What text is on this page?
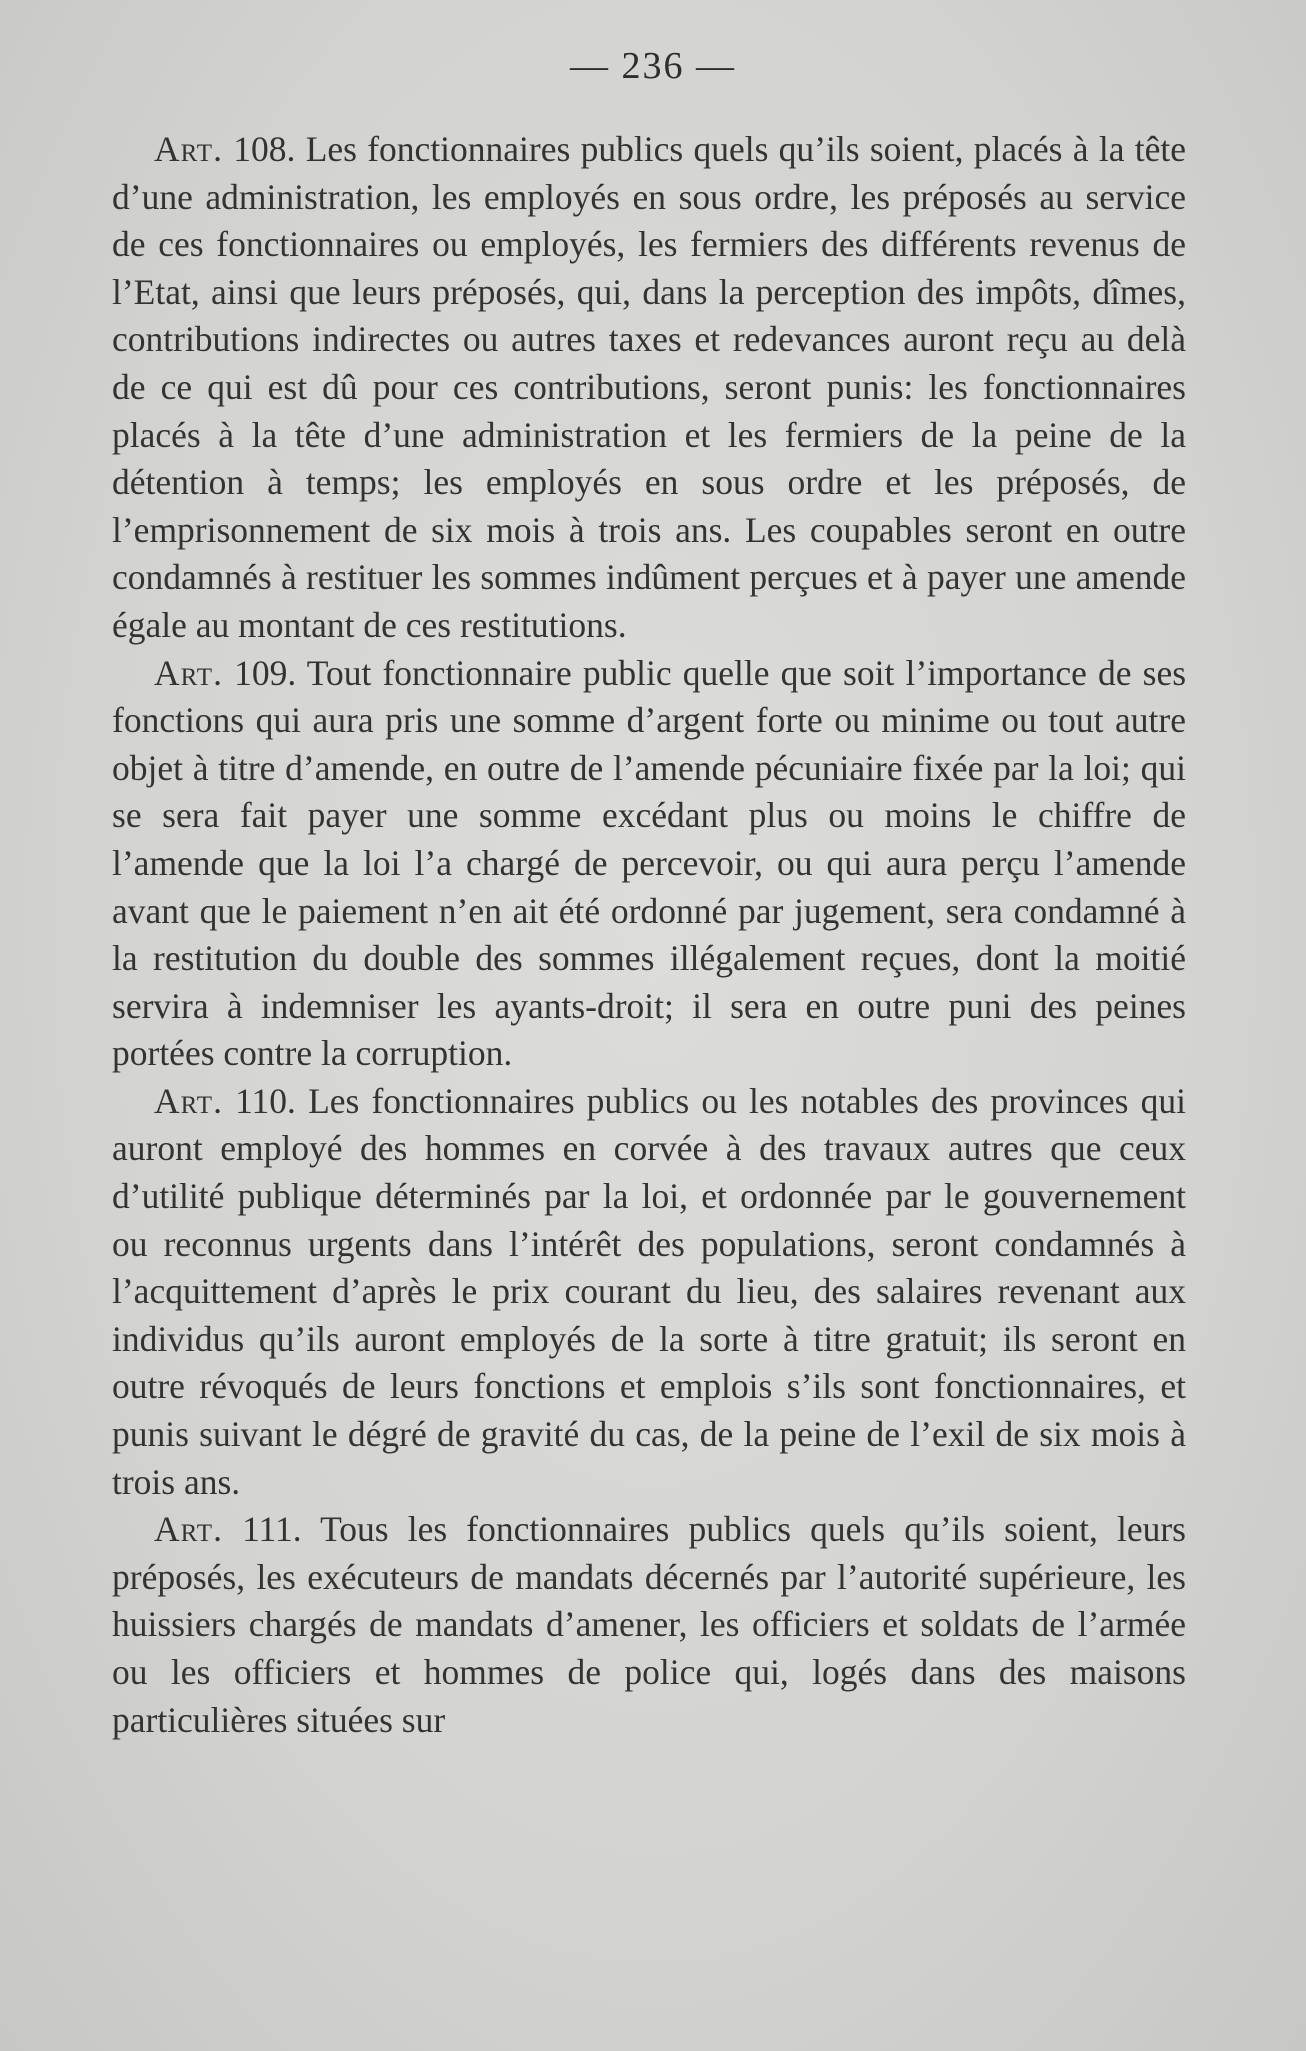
— 236 —

Art. 108. Les fonctionnaires publics quels qu’ils soient, placés à la tête d’une administration, les employés en sous ordre, les préposés au service de ces fonctionnaires ou employés, les fermiers des différents revenus de l’Etat, ainsi que leurs préposés, qui, dans la perception des impôts, dîmes, contributions indirectes ou autres taxes et redevances auront reçu au delà de ce qui est dû pour ces contributions, seront punis: les fonctionnaires placés à la tête d’une administration et les fermiers de la peine de la détention à temps; les employés en sous ordre et les préposés, de l’emprisonnement de six mois à trois ans. Les coupables seront en outre condamnés à restituer les sommes indûment perçues et à payer une amende égale au montant de ces restitutions.

Art. 109. Tout fonctionnaire public quelle que soit l’importance de ses fonctions qui aura pris une somme d’argent forte ou minime ou tout autre objet à titre d’amende, en outre de l’amende pécuniaire fixée par la loi; qui se sera fait payer une somme excédant plus ou moins le chiffre de l’amende que la loi l’a chargé de percevoir, ou qui aura perçu l’amende avant que le paiement n’en ait été ordonné par jugement, sera condamné à la restitution du double des sommes illégalement reçues, dont la moitié servira à indemniser les ayants-droit; il sera en outre puni des peines portées contre la corruption.

Art. 110. Les fonctionnaires publics ou les notables des provinces qui auront employé des hommes en corvée à des travaux autres que ceux d’utilité publique déterminés par la loi, et ordonnée par le gouvernement ou reconnus urgents dans l’intérêt des populations, seront condamnés à l’acquittement d’après le prix courant du lieu, des salaires revenant aux individus qu’ils auront employés de la sorte à titre gratuit; ils seront en outre révoqués de leurs fonctions et emplois s’ils sont fonctionnaires, et punis suivant le dégré de gravité du cas, de la peine de l’exil de six mois à trois ans.

Art. 111. Tous les fonctionnaires publics quels qu’ils soient, leurs préposés, les exécuteurs de mandats décernés par l’autorité supérieure, les huissiers chargés de mandats d’amener, les officiers et soldats de l’armée ou les officiers et hommes de police qui, logés dans des maisons particulières situées sur
